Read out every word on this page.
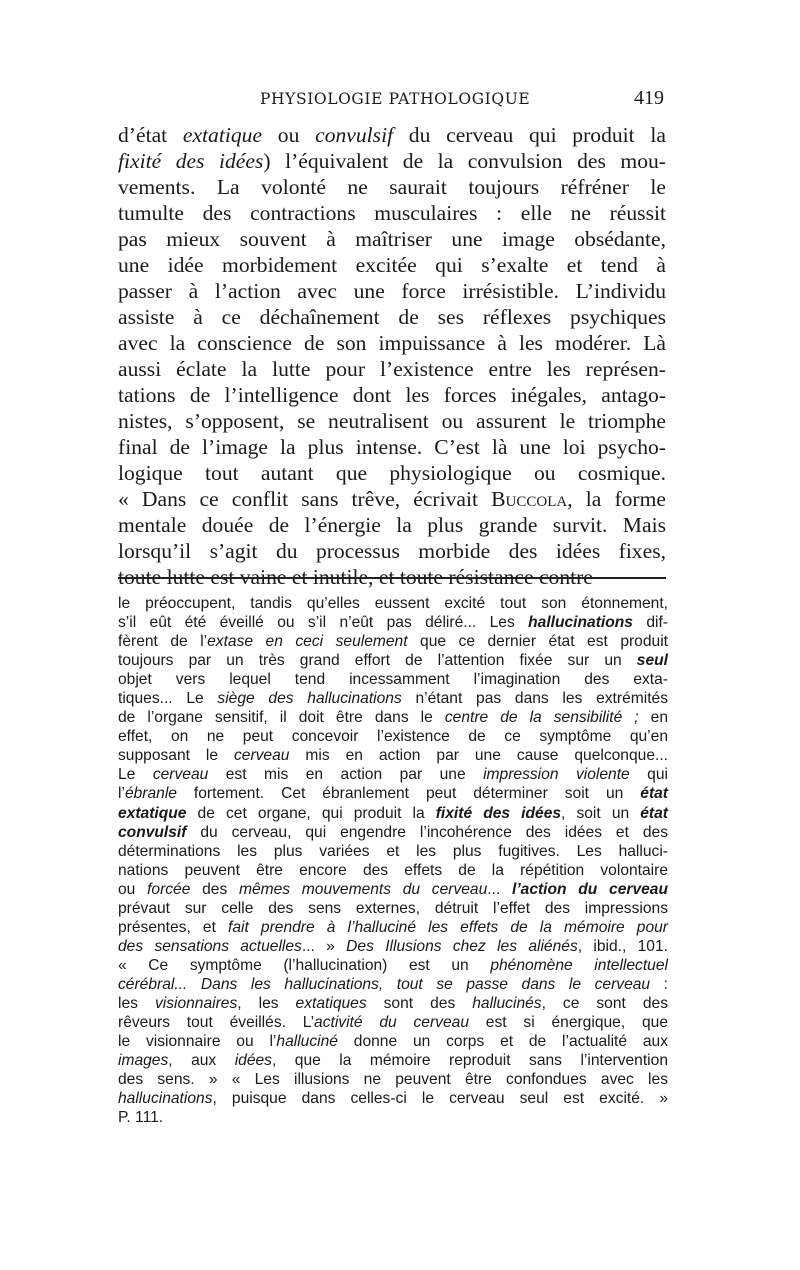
PHYSIOLOGIE PATHOLOGIQUE	419
d’état extatique ou convulsif du cerveau qui produit la
fixité des idées) l’équivalent de la convulsion des mou-
vements. La volonté ne saurait toujours réfréner le
tumulte des contractions musculaires : elle ne réussit
pas mieux souvent à maîtriser une image obsédante,
une idée morbidement excitée qui s’exalte et tend à
passer à l’action avec une force irrésistible. L’individu
assiste à ce déchaînement de ses réflexes psychiques
avec la conscience de son impuissance à les modérer. Là
aussi éclate la lutte pour l’existence entre les représen-
tations de l’intelligence dont les forces inégales, antago-
nistes, s’opposent, se neutralisent ou assurent le triomphe
final de l’image la plus intense. C’est là une loi psycho-
logique tout autant que physiologique ou cosmique.
« Dans ce conflit sans trêve, écrivait Buccola, la forme
mentale douée de l’énergie la plus grande survit. Mais
lorsqu’il s’agit du processus morbide des idées fixes,
toute lutte est vaine et inutile, et toute résistance contre
le préoccupent, tandis qu’elles eussent excité tout son étonnement,
s’il eût été éveillé ou s’il n’eût pas déliré... Les hallucinations dif-
fèrent de l’extase en ceci seulement que ce dernier état est produit
toujours par un très grand effort de l’attention fixée sur un seul
objet vers lequel tend incessamment l’imagination des exta-
tiques... Le siège des hallucinations n’étant pas dans les extrémités
de l’organe sensitif, il doit être dans le centre de la sensibilité ; en
effet, on ne peut concevoir l’existence de ce symptôme qu’en
supposant le cerveau mis en action par une cause quelconque...
Le cerveau est mis en action par une impression violente qui
l’ébranle fortement. Cet ébranlement peut déterminer soit un état
extatique de cet organe, qui produit la fixité des idées, soit un état
convulsif du cerveau, qui engendre l’incohérence des idées et des
déterminations les plus variées et les plus fugitives. Les halluci-
nations peuvent être encore des effets de la répétition volontaire
ou forcée des mêmes mouvements du cerveau... l’action du cerveau
prévaut sur celle des sens externes, détruit l’effet des impressions
présentes, et fait prendre à l’halluciné les effets de la mémoire pour
des sensations actuelles... » Des Illusions chez les aliénés, ibid., 101.
« Ce symptôme (l’hallucination) est un phénomène intellectuel
cérébral... Dans les hallucinations, tout se passe dans le cerveau :
les visionnaires, les extatiques sont des hallucinés, ce sont des
rêveurs tout éveillés. L’activité du cerveau est si énergique, que
le visionnaire ou l’halluciné donne un corps et de l’actualité aux
images, aux idées, que la mémoire reproduit sans l’intervention
des sens. » « Les illusions ne peuvent être confondues avec les
hallucinations, puisque dans celles-ci le cerveau seul est excité. »
P. 111.
